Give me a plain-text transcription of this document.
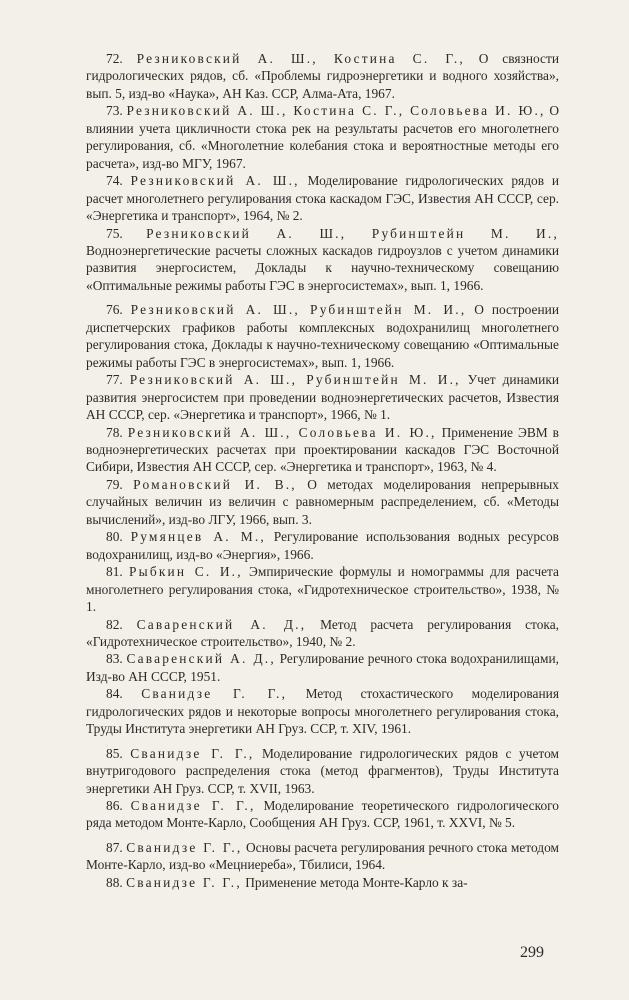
72. Резниковский А. Ш., Костина С. Г., О связности гидрологических рядов, сб. «Проблемы гидроэнергетики и водного хозяйства», вып. 5, изд-во «Наука», АН Каз. ССР, Алма-Ата, 1967.

73. Резниковский А. Ш., Костина С. Г., Соловьева И. Ю., О влиянии учета цикличности стока рек на результаты расчетов его многолетнего регулирования, сб. «Многолетние колебания стока и вероятностные методы его расчета», изд-во МГУ, 1967.

74. Резниковский А. Ш., Моделирование гидрологических рядов и расчет многолетнего регулирования стока каскадом ГЭС, Известия АН СССР, сер. «Энергетика и транспорт», 1964, № 2.

75. Резниковский А. Ш., Рубинштейн М. И., Водноэнергетические расчеты сложных каскадов гидроузлов с учетом динамики развития энергосистем, Доклады к научно-техническому совещанию «Оптимальные режимы работы ГЭС в энергосистемах», вып. 1, 1966.

76. Резниковский А. Ш., Рубинштейн М. И., О построении диспетчерских графиков работы комплексных водохранилищ многолетнего регулирования стока, Доклады к научно-техническому совещанию «Оптимальные режимы работы ГЭС в энергосистемах», вып. 1, 1966.

77. Резниковский А. Ш., Рубинштейн М. И., Учет динамики развития энергосистем при проведении водноэнергетических расчетов, Известия АН СССР, сер. «Энергетика и транспорт», 1966, № 1.

78. Резниковский А. Ш., Соловьева И. Ю., Применение ЭВМ в водноэнергетических расчетах при проектировании каскадов ГЭС Восточной Сибири, Известия АН СССР, сер. «Энергетика и транспорт», 1963, № 4.

79. Романовский И. В., О методах моделирования непрерывных случайных величин из величин с равномерным распределением, сб. «Методы вычислений», изд-во ЛГУ, 1966, вып. 3.

80. Румянцев А. М., Регулирование использования водных ресурсов водохранилищ, изд-во «Энергия», 1966.

81. Рыбкин С. И., Эмпирические формулы и номограммы для расчета многолетнего регулирования стока, «Гидротехническое строительство», 1938, № 1.

82. Саваренский А. Д., Метод расчета регулирования стока, «Гидротехническое строительство», 1940, № 2.

83. Саваренский А. Д., Регулирование речного стока водохранилищами, Изд-во АН СССР, 1951.

84. Сванидзе Г. Г., Метод стохастического моделирования гидрологических рядов и некоторые вопросы многолетнего регулирования стока, Труды Института энергетики АН Груз. ССР, т. XIV, 1961.

85. Сванидзе Г. Г., Моделирование гидрологических рядов с учетом внутригодового распределения стока (метод фрагментов), Труды Института энергетики АН Груз. ССР, т. XVII, 1963.

86. Сванидзе Г. Г., Моделирование теоретического гидрологического ряда методом Монте-Карло, Сообщения АН Груз. ССР, 1961, т. XXVI, № 5.

87. Сванидзе Г. Г., Основы расчета регулирования речного стока методом Монте-Карло, изд-во «Мецниереба», Тбилиси, 1964.

88. Сванидзе Г. Г., Применение метода Монте-Карло к за-

299
